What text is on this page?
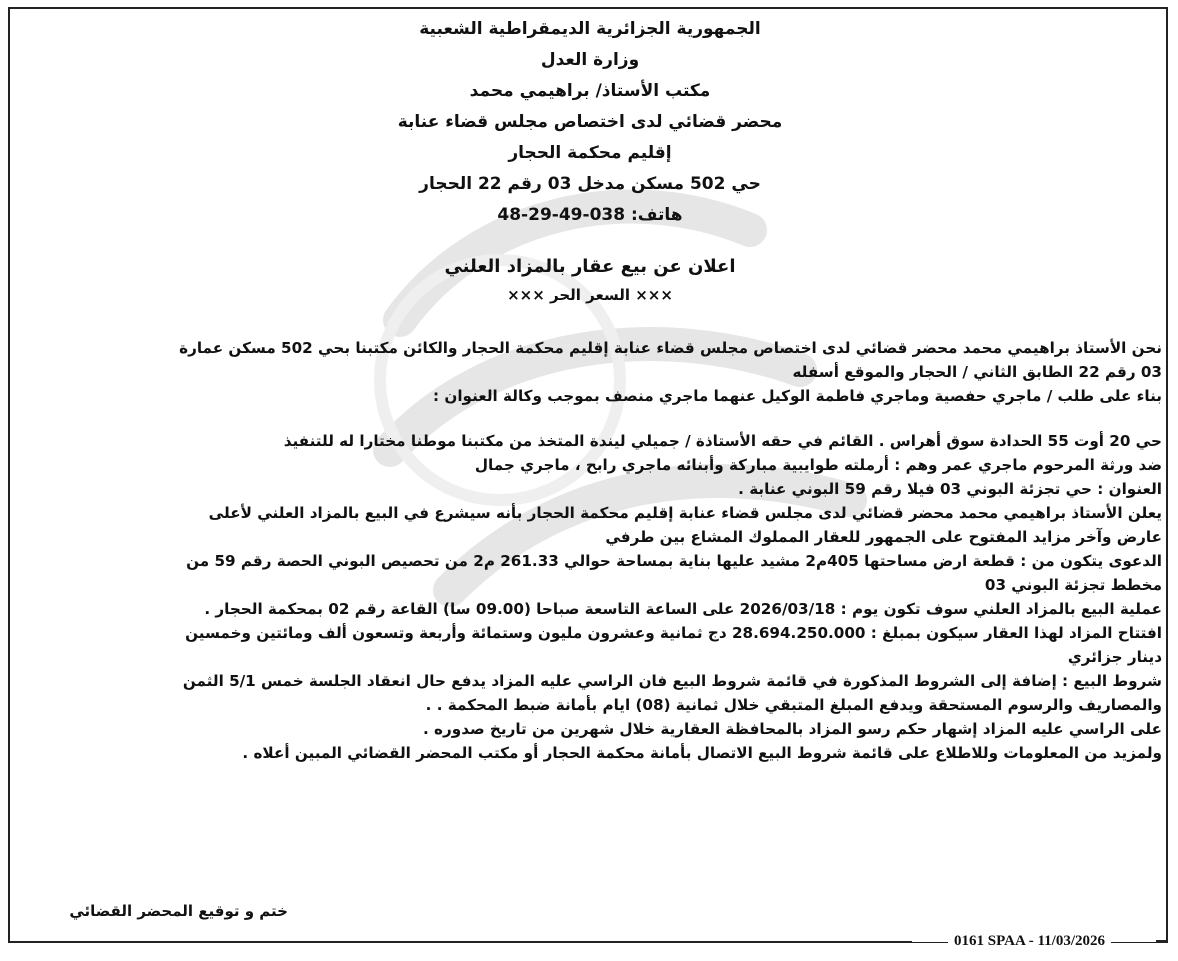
الجمهورية الجزائرية الديمقراطية الشعبية
وزارة العدل
مكتب الأستاذ/ براهيمي محمد
محضر قضائي لدى اختصاص مجلس قضاء عنابة
إقليم محكمة الحجار
حي 502 مسكن مدخل 03 رقم 22 الحجار
هاتف: 038-49-29-48
اعلان عن بيع عقار بالمزاد العلني
××× السعر الحر ×××
نحن الأستاذ براهيمي محمد محضر قضائي لدى اختصاص مجلس قضاء عنابة إقليم محكمة الحجار والكائن مكتبنا بحي 502 مسكن عمارة
03 رقم 22 الطابق الثاني / الحجار والموقع أسفله
بناء على طلب / ماجري حفصية وماجري فاطمة الوكيل عنهما ماجري منصف بموجب وكالة العنوان :
حي 20 أوت 55 الحدادة سوق أهراس . القائم في حقه الأستاذة / جميلي ليندة المتخذ من مكتبنا موطنا مختارا له للتنفيذ
ضد ورثة المرحوم ماجري عمر وهم : أرملته طوايبية مباركة وأبنائه ماجري رابح ، ماجري جمال
العنوان : حي تجزئة البوني 03 فيلا رقم 59 البوني عنابة .
يعلن الأستاذ براهيمي محمد محضر قضائي لدى مجلس قضاء عنابة إقليم محكمة الحجار بأنه سيشرع في البيع بالمزاد العلني لأعلى
عارض وآخر مزايد المفتوح على الجمهور للعقار المملوك المشاع بين طرفي
الدعوى يتكون من : قطعة ارض مساحتها 405م2 مشيد عليها بناية بمساحة حوالي 261.33 م2 من تحصيص البوني الحصة رقم 59 من
مخطط تجزئة البوني 03
عملية البيع بالمزاد العلني سوف تكون يوم : 2026/03/18 على الساعة التاسعة صباحا (09.00 سا) القاعة رقم 02 بمحكمة الحجار .
افتتاح المزاد لهذا العقار سيكون بمبلغ : 28.694.250.000 دج ثمانية وعشرون مليون وستمائة وأربعة وتسعون ألف ومائتين وخمسين
دينار جزائري
شروط البيع : إضافة إلى الشروط المذكورة في قائمة شروط البيع فان الراسي عليه المزاد يدفع حال انعقاد الجلسة خمس 5/1 الثمن
والمصاريف والرسوم المستحقة ويدفع المبلغ المتبقي خلال ثمانية (08) ايام بأمانة ضبط المحكمة . .
على الراسي عليه المزاد إشهار حكم رسو المزاد بالمحافظة العقارية خلال شهرين من تاريخ صدوره .
ولمزيد من المعلومات وللاطلاع على قائمة شروط البيع الاتصال بأمانة محكمة الحجار أو مكتب المحضر القضائي المبين أعلاه .
ختم و توقيع المحضر القضائي
0161 SPAA - 11/03/2026
